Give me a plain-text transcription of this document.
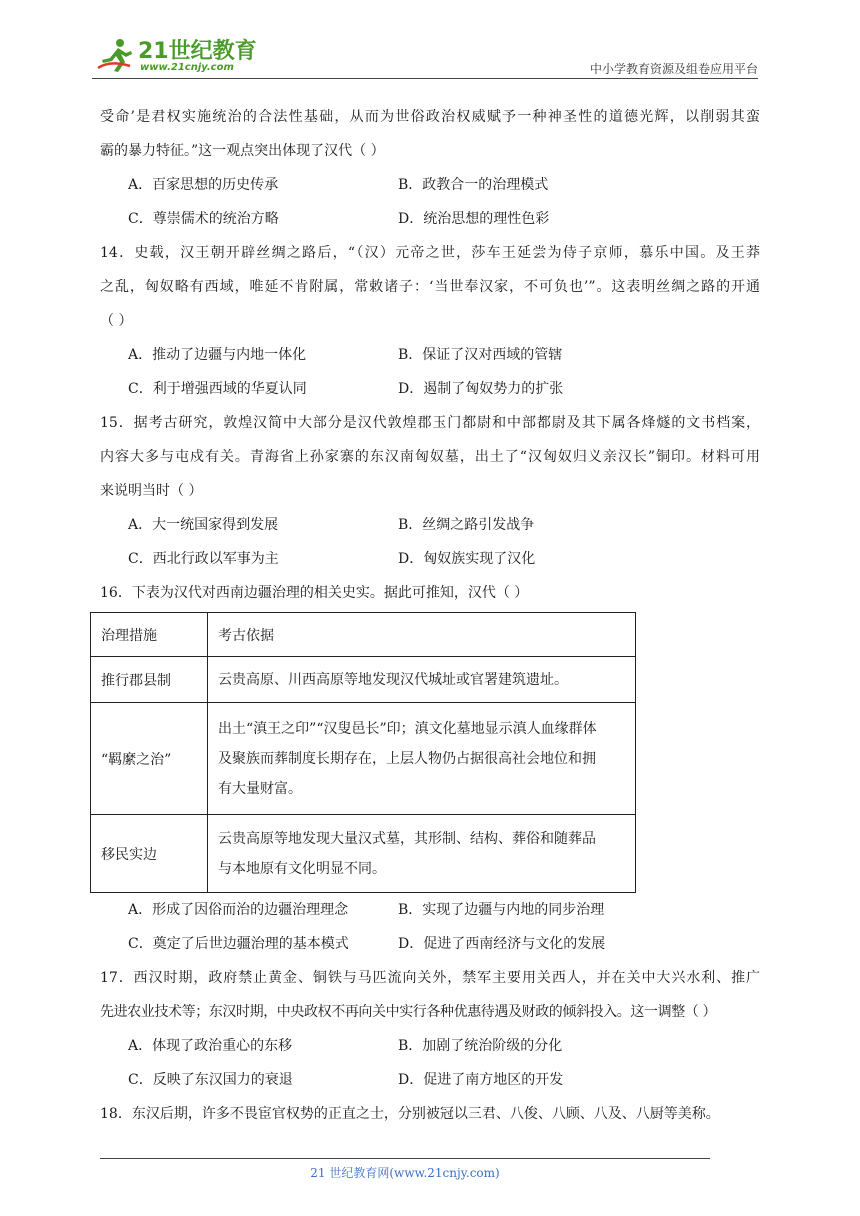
21世纪教育
www.21cnjy.com	中小学教育资源及组卷应用平台
受命’是君权实施统治的合法性基础，从而为世俗政治权威赋予一种神圣性的道德光辉，以削弱其蛮
霸的暴力特征。”这一观点突出体现了汉代（ ）
A．百家思想的历史传承	B．政教合一的治理模式
C．尊崇儒术的统治方略	D．统治思想的理性色彩
14．史载，汉王朝开辟丝绸之路后，“（汉）元帝之世，莎车王延尝为侍子京师，慕乐中国。及王莽
之乱，匈奴略有西域，唯延不肯附属，常敕诸子：‘当世奉汉家，不可负也’”。这表明丝绸之路的开通
（ ）
A．推动了边疆与内地一体化	B．保证了汉对西域的管辖
C．利于增强西域的华夏认同	D．遏制了匈奴势力的扩张
15．据考古研究，敦煌汉简中大部分是汉代敦煌郡玉门都尉和中部都尉及其下属各烽燧的文书档案，
内容大多与屯戍有关。青海省上孙家寨的东汉南匈奴墓，出土了“汉匈奴归义亲汉长”铜印。材料可用
来说明当时（ ）
A．大一统国家得到发展	B．丝绸之路引发战争
C．西北行政以军事为主	D．匈奴族实现了汉化
16．下表为汉代对西南边疆治理的相关史实。据此可推知，汉代（ ）
治理措施	考古依据
推行郡县制	云贵高原、川西高原等地发现汉代城址或官署建筑遗址。

“羁縻之治”	出土“滇王之印”“汉叟邑长”印；滇文化墓地显示滇人血缘群体
及聚族而葬制度长期存在，上层人物仍占据很高社会地位和拥
有大量财富。

移民实边	云贵高原等地发现大量汉式墓，其形制、结构、葬俗和随葬品
与本地原有文化明显不同。
A．形成了因俗而治的边疆治理理念	B．实现了边疆与内地的同步治理
C．奠定了后世边疆治理的基本模式	D．促进了西南经济与文化的发展
17．西汉时期，政府禁止黄金、铜铁与马匹流向关外，禁军主要用关西人，并在关中大兴水利、推广
先进农业技术等；东汉时期，中央政权不再向关中实行各种优惠待遇及财政的倾斜投入。这一调整（ ）
A．体现了政治重心的东移	B．加剧了统治阶级的分化
C．反映了东汉国力的衰退	D．促进了南方地区的开发
18．东汉后期，许多不畏宦官权势的正直之士，分别被冠以三君、八俊、八顾、八及、八厨等美称。
21 世纪教育网(www.21cnjy.com)
